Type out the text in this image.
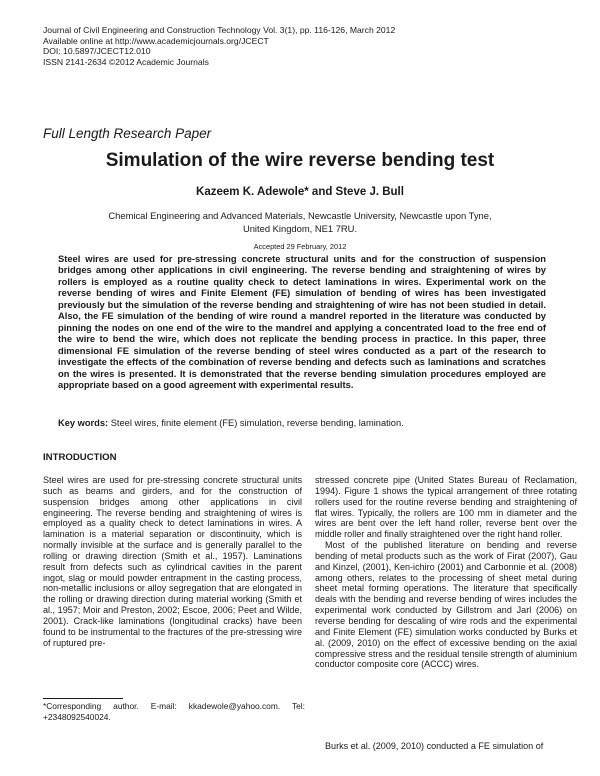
Journal of Civil Engineering and Construction Technology Vol. 3(1), pp. 116-126, March 2012
Available online at http://www.academicjournals.org/JCECT
DOI: 10.5897/JCECT12.010
ISSN 2141-2634 ©2012 Academic Journals
Full Length Research Paper
Simulation of the wire reverse bending test
Kazeem K. Adewole* and Steve J. Bull
Chemical Engineering and Advanced Materials, Newcastle University, Newcastle upon Tyne,
United Kingdom, NE1 7RU.
Accepted 29 February, 2012
Steel wires are used for pre-stressing concrete structural units and for the construction of suspension bridges among other applications in civil engineering. The reverse bending and straightening of wires by rollers is employed as a routine quality check to detect laminations in wires. Experimental work on the reverse bending of wires and Finite Element (FE) simulation of bending of wires has been investigated previously but the simulation of the reverse bending and straightening of wire has not been studied in detail. Also, the FE simulation of the bending of wire round a mandrel reported in the literature was conducted by pinning the nodes on one end of the wire to the mandrel and applying a concentrated load to the free end of the wire to bend the wire, which does not replicate the bending process in practice. In this paper, three dimensional FE simulation of the reverse bending of steel wires conducted as a part of the research to investigate the effects of the combination of reverse bending and defects such as laminations and scratches on the wires is presented. It is demonstrated that the reverse bending simulation procedures employed are appropriate based on a good agreement with experimental results.
Key words: Steel wires, finite element (FE) simulation, reverse bending, lamination.
INTRODUCTION

Steel wires are used for pre-stressing concrete structural units such as beams and girders, and for the construction of suspension bridges among other applications in civil engineering. The reverse bending and straightening of wires is employed as a quality check to detect laminations in wires. A lamination is a material separation or discontinuity, which is normally invisible at the surface and is generally parallel to the rolling or drawing direction (Smith et al., 1957). Laminations result from defects such as cylindrical cavities in the parent ingot, slag or mould powder entrapment in the casting process, non-metallic inclusions or alloy segregation that are elongated in the rolling or drawing direction during material working (Smith et al., 1957; Moir and Preston, 2002; Escoe, 2006; Peet and Wilde, 2001). Crack-like laminations (longitudinal cracks) have been found to be instrumental to the fractures of the pre-stressing wire of ruptured pre-

stressed concrete pipe (United States Bureau of Reclamation, 1994). Figure 1 shows the typical arrangement of three rotating rollers used for the routine reverse bending and straightening of flat wires. Typically, the rollers are 100 mm in diameter and the wires are bent over the left hand roller, reverse bent over the middle roller and finally straightened over the right hand roller.

Most of the published literature on bending and reverse bending of metal products such as the work of Firat (2007), Gau and Kinzel, (2001), Ken-ichiro (2001) and Carbonnie et al. (2008) among others, relates to the processing of sheet metal during sheet metal forming operations. The literature that specifically deals with the bending and reverse bending of wires includes the experimental work conducted by Gillstrom and Jarl (2006) on reverse bending for descaling of wire rods and the experimental and Finite Element (FE) simulation works conducted by Burks et al. (2009, 2010) on the effect of excessive bending on the axial compressive stress and the residual tensile strength of aluminium conductor composite core (ACCC) wires.

*Corresponding author. E-mail: kkadewole@yahoo.com. Tel: +2348092540024.
Burks et al. (2009, 2010) conducted a FE simulation of
